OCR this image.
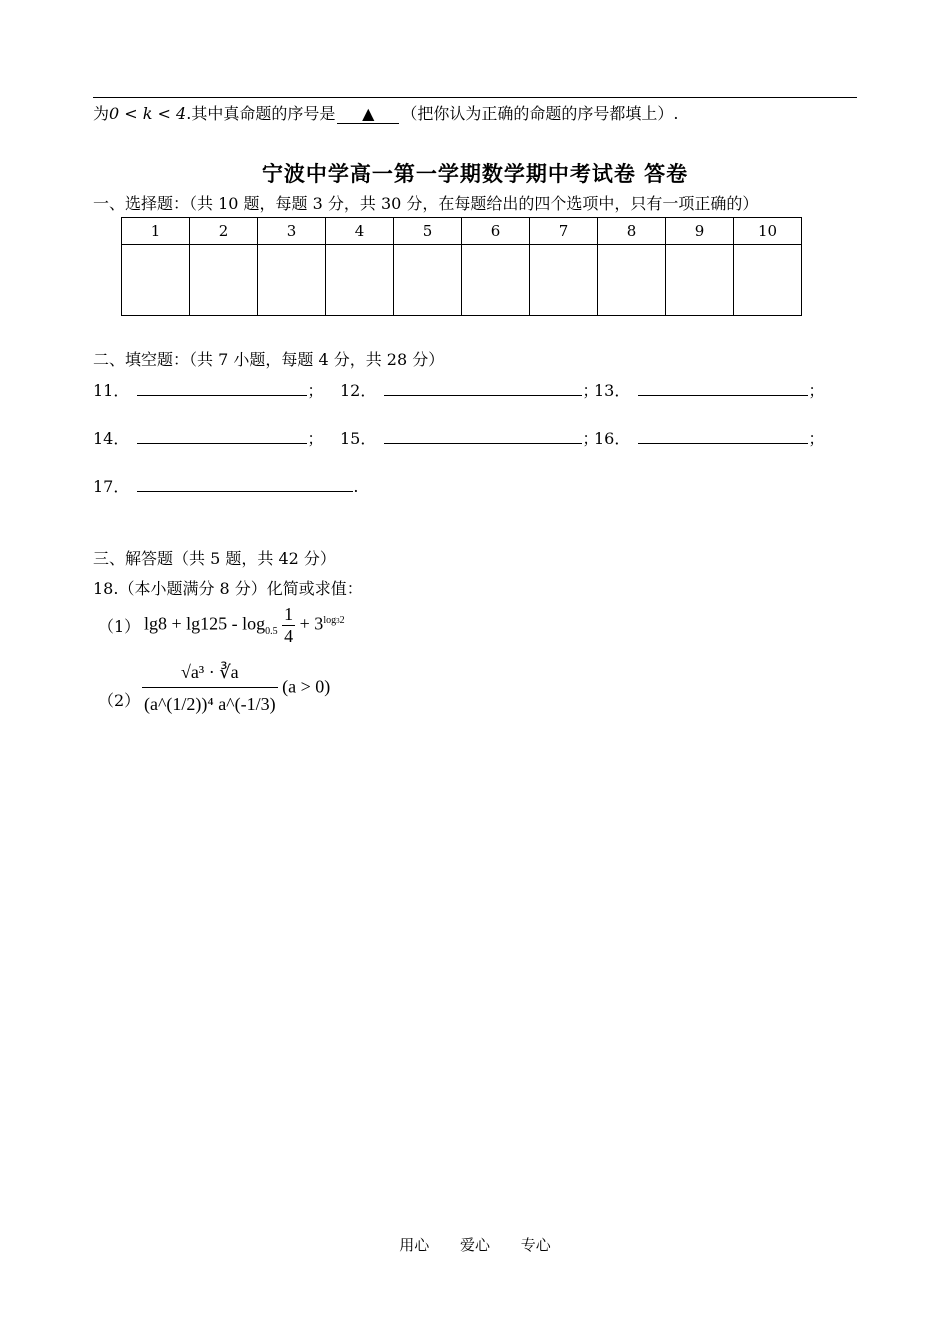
为0 < k < 4.其中真命题的序号是 ▲ （把你认为正确的命题的序号都填上）.
宁波中学高一第一学期数学期中考试卷 答卷
一、选择题：（共 10 题，每题 3 分，共 30 分，在每题给出的四个选项中，只有一项正确的）
1	2	3	4	5	6	7	8	9	10

二、填空题：（共 7 小题，每题 4 分，共 28 分）
11．	； 12．	；
13．	；
14．	； 15．	；
16．	；
17．	.
三、解答题（共 5 题，共 42 分）
18.（本小题满分 8 分）化简或求值：
（1） $\lg 8 + \lg 125 - \log_{0.5} \frac{1}{4} + 3^{log32}$
$(2) \frac{\text{√a³ · ∛a}}{\text{(a\textasciicircum{}(1/2))⁴ a\textasciicircum{}(-1/3)}} (a > 0)$
用心 爱心 专心
